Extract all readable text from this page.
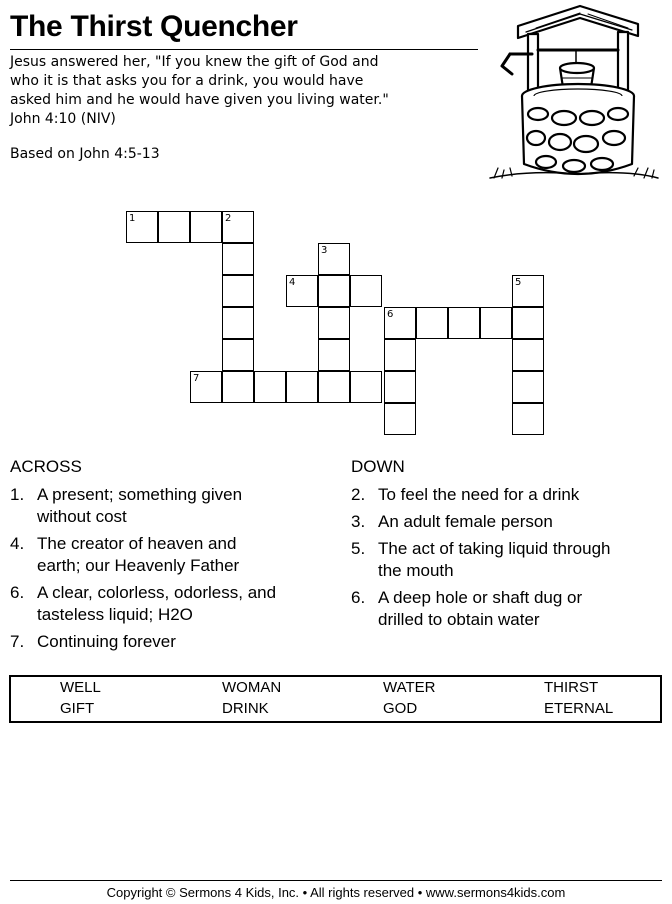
The Thirst Quencher
Jesus answered her, "If you knew the gift of God and
who it is that asks you for a drink, you would have
asked him and he would have given you living water."
John 4:10 (NIV)
Based on John 4:5-13
1	2
3
4	5
6
7
ACROSS
1. A present; something given
without cost
4. The creator of heaven and
earth; our Heavenly Father
6. A clear, colorless, odorless, and
tasteless liquid; H2O
7. Continuing forever
DOWN
2. To feel the need for a drink
3. An adult female person
5. The act of taking liquid through
the mouth
6. A deep hole or shaft dug or
drilled to obtain water
WELL	WOMAN	WATER	THIRST
GIFT	DRINK	GOD	ETERNAL
Copyright © Sermons 4 Kids, Inc. • All rights reserved • www.sermons4kids.com
